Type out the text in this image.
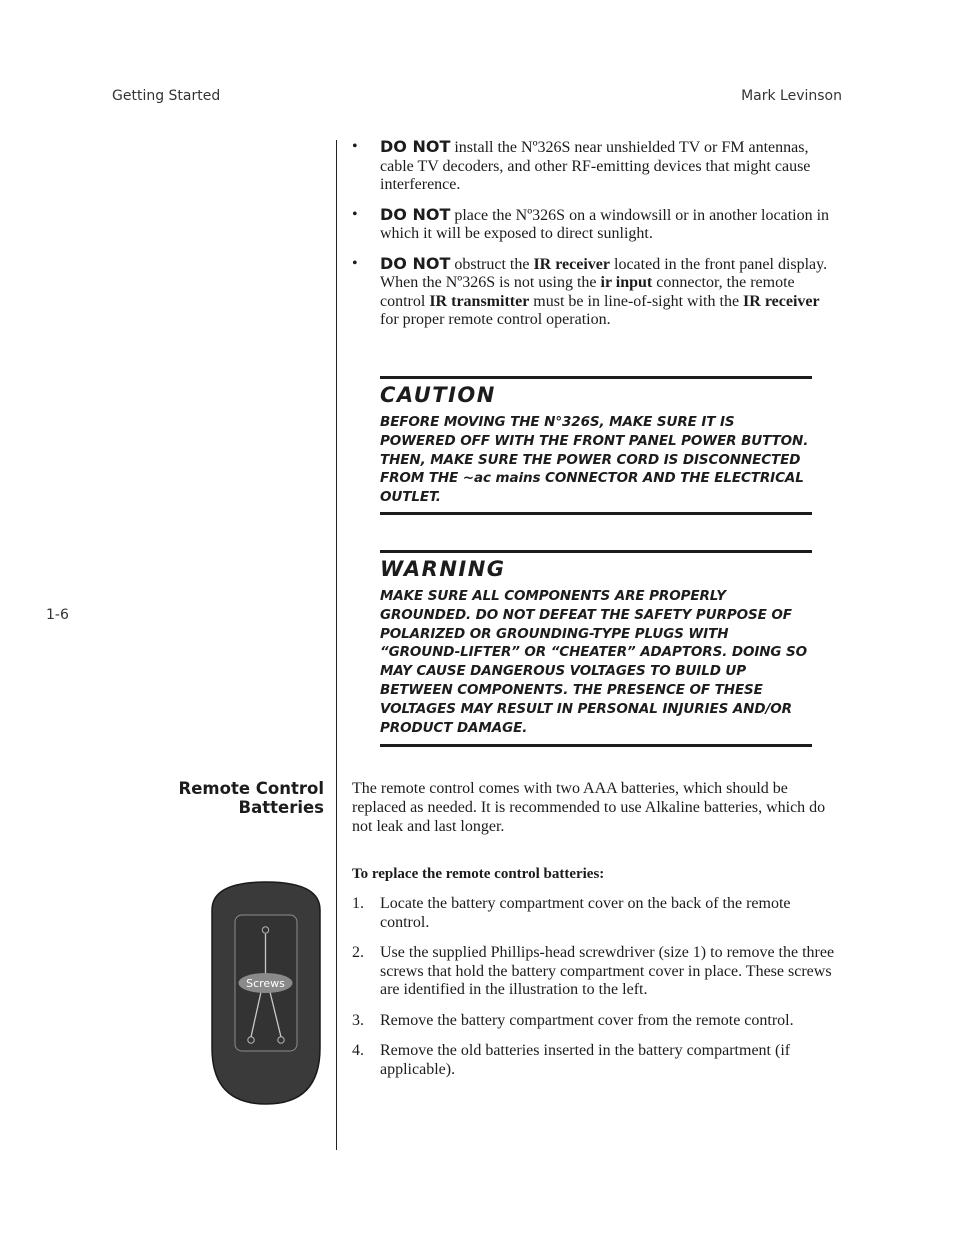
Getting Started	Mark Levinson
1-6
• DO NOT install the Nº326S near unshielded TV or FM antennas, cable TV decoders, and other RF-emitting devices that might cause interference.
• DO NOT place the Nº326S on a windowsill or in another location in which it will be exposed to direct sunlight.
• DO NOT obstruct the IR receiver located in the front panel display. When the Nº326S is not using the ir input connector, the remote control IR transmitter must be in line-of-sight with the IR receiver for proper remote control operation.
CAUTION
BEFORE MOVING THE N°326S, MAKE SURE IT IS POWERED OFF WITH THE FRONT PANEL POWER BUTTON. THEN, MAKE SURE THE POWER CORD IS DISCONNECTED FROM THE ~ac mains CONNECTOR AND THE ELECTRICAL OUTLET.
WARNING
MAKE SURE ALL COMPONENTS ARE PROPERLY GROUNDED. DO NOT DEFEAT THE SAFETY PURPOSE OF POLARIZED OR GROUNDING-TYPE PLUGS WITH “GROUND-LIFTER” OR “CHEATER” ADAPTORS. DOING SO MAY CAUSE DANGEROUS VOLTAGES TO BUILD UP BETWEEN COMPONENTS. THE PRESENCE OF THESE VOLTAGES MAY RESULT IN PERSONAL INJURIES AND/OR PRODUCT DAMAGE.
Remote Control
Batteries

The remote control comes with two AAA batteries, which should be replaced as needed. It is recommended to use Alkaline batteries, which do not leak and last longer.

To replace the remote control batteries:

1. Locate the battery compartment cover on the back of the remote control.
2. Use the supplied Phillips-head screwdriver (size 1) to remove the three screws that hold the battery compartment cover in place. These screws are identified in the illustration to the left.
3. Remove the battery compartment cover from the remote control.
4. Remove the old batteries inserted in the battery compartment (if applicable).
Screws
